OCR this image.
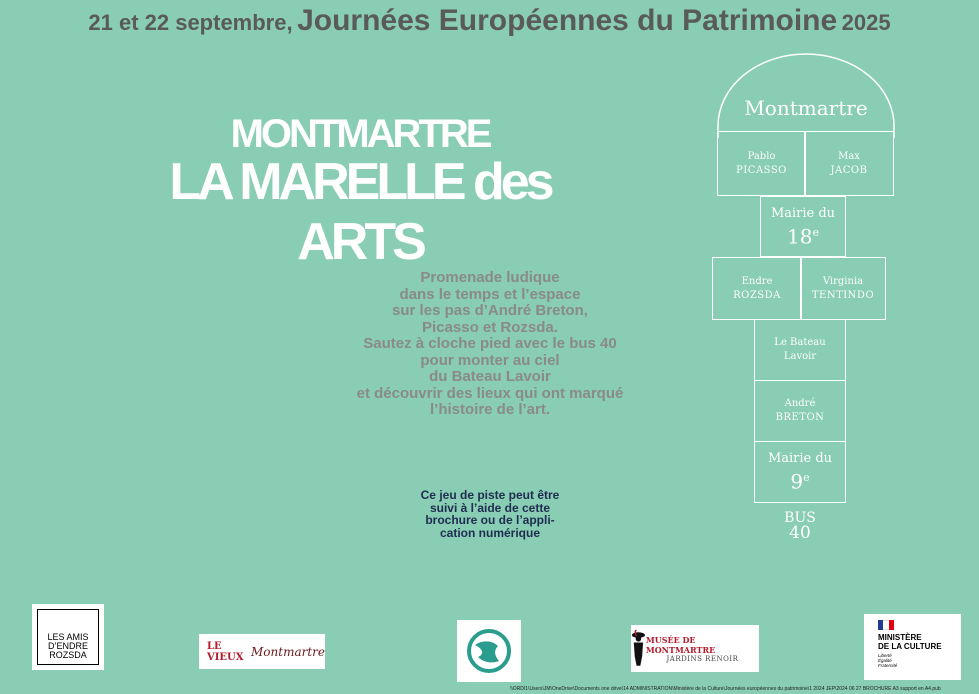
21 et 22 septembre, Journées Européennes du Patrimoine 2025
MONTMARTRE
LA MARELLE des ARTS
Promenade ludique
dans le temps et l’espace
sur les pas d’André Breton,
Picasso et Rozsda.
Sautez à cloche pied avec le bus 40
pour monter au ciel
du Bateau Lavoir
et découvrir des lieux qui ont marqué
l’histoire de l’art.
Ce jeu de piste peut être
suivi à l’aide de cette
brochure ou de l’appli-
cation numérique
Montmartre
Pablo
PICASSO
Max
JACOB
Mairie du
18e
Endre
ROZSDA
Virginia
TENTINDO
Le Bateau
Lavoir
André
BRETON
Mairie du
9e
BUS
40
LES AMIS
D’ENDRE
ROZSDA
LE VIEUX Montmartre
MUSÉE DE MONTMARTRE
JARDINS RENOIR
MINISTÈRE
DE LA CULTURE
Liberté
Égalité
Fraternité
\\ORDI1\Users\JM\OneDrive\Documents one drive\14 ADMINISTRATION\Ministère de la Culture\Journées européennes du patrimoine\1 2024 JEP\2024 06 27 BROCHURE A3 support en A4.pub
